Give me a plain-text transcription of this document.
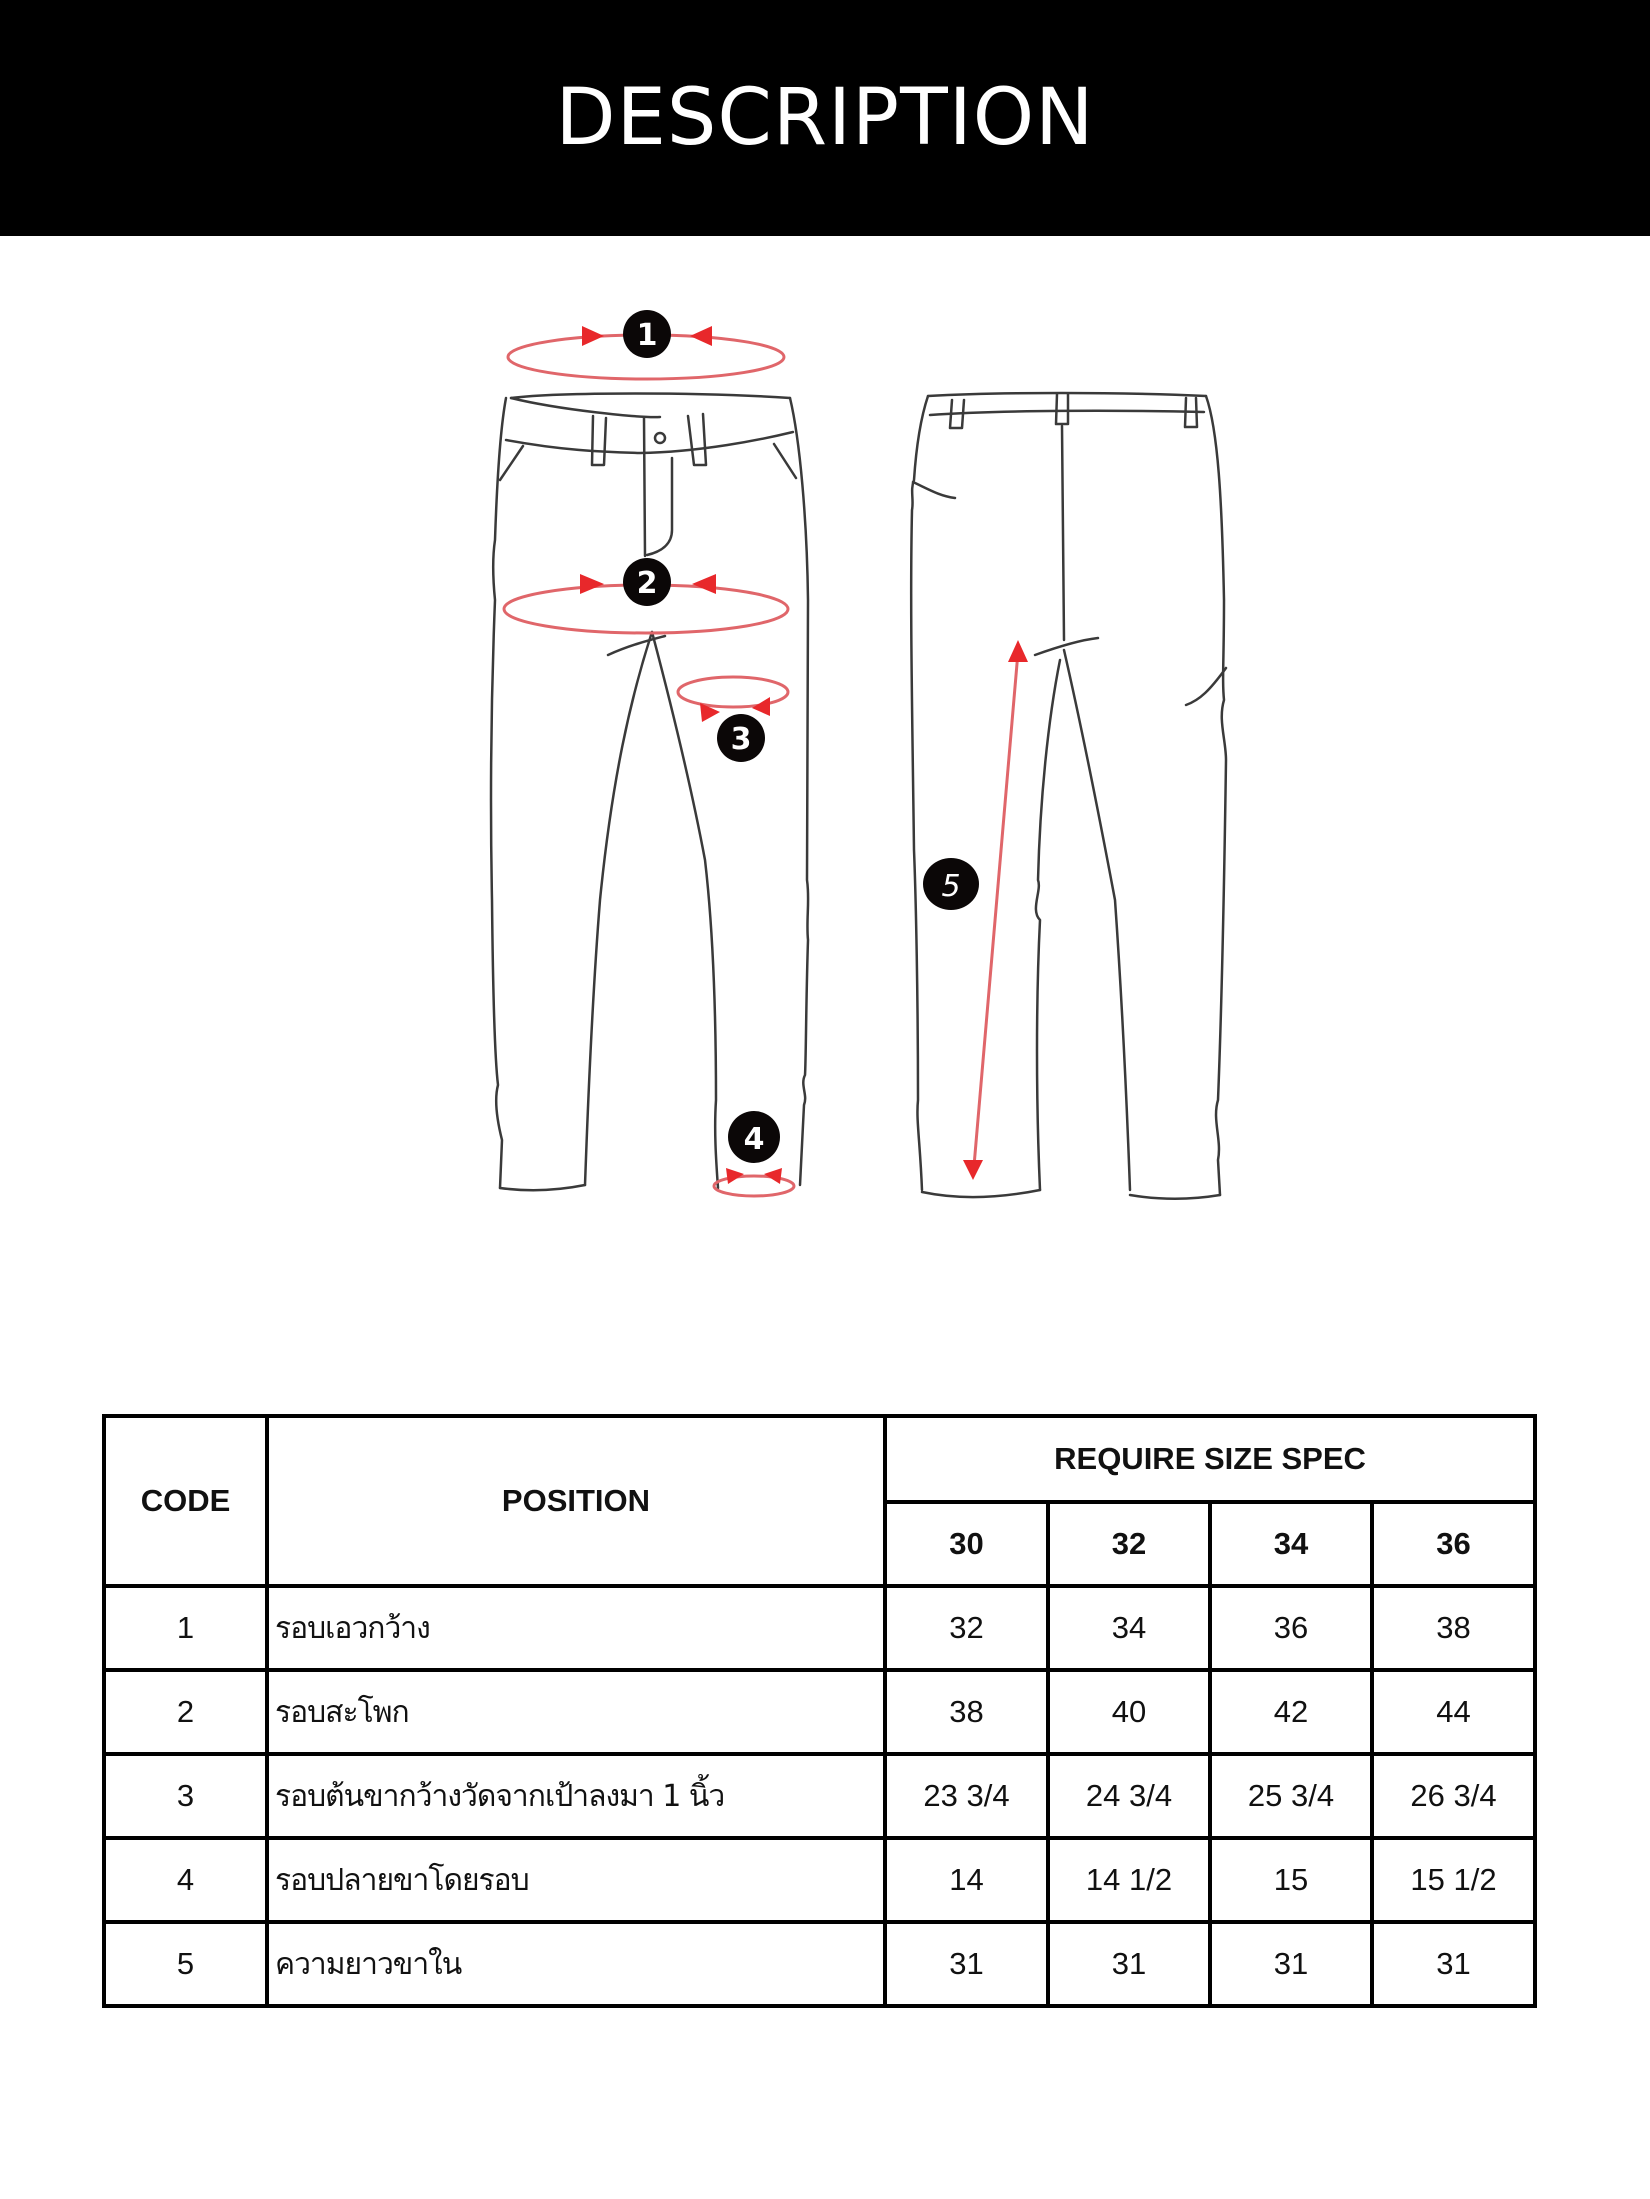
DESCRIPTION
1
2
3
4
5
CODE	POSITION	REQUIRE SIZE SPEC			
		30	32	34	36
1	รอบเอวกว้าง	32	34	36	38
2	รอบสะโพก	38	40	42	44
3	รอบต้นขากว้างวัดจากเป้าลงมา 1 นิ้ว	23 3/4	24 3/4	25 3/4	26 3/4
4	รอบปลายขาโดยรอบ	14	14 1/2	15	15 1/2
5	ความยาวขาใน	31	31	31	31
